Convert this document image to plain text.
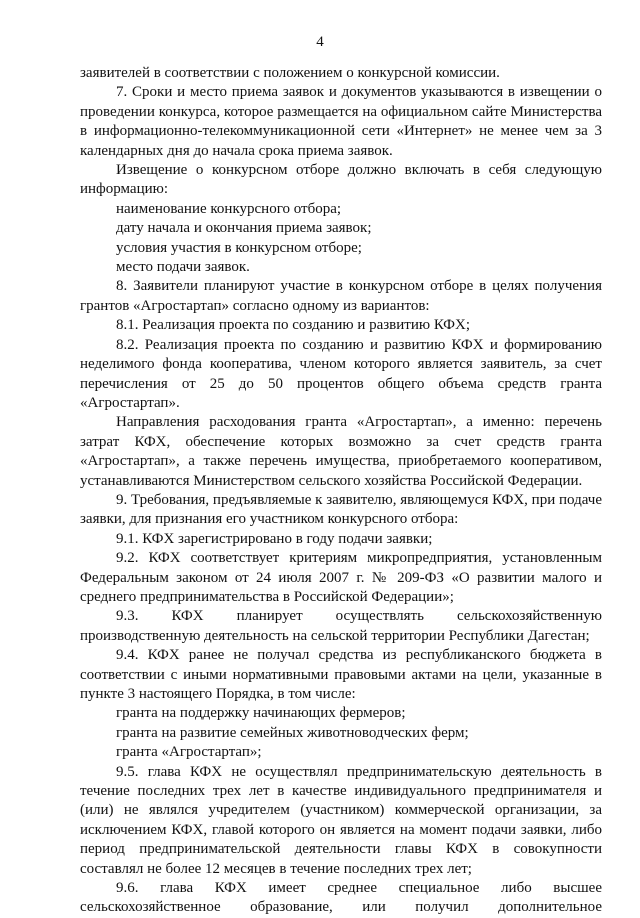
4

заявителей в соответствии с положением о конкурсной комиссии.

7. Сроки и место приема заявок и документов указываются в извещении о проведении конкурса, которое размещается на официальном сайте Министерства в информационно-телекоммуникационной сети «Интернет» не менее чем за 3 календарных дня до начала срока приема заявок.

Извещение о конкурсном отборе должно включать в себя следующую информацию:

наименование конкурсного отбора;

дату начала и окончания приема заявок;

условия участия в конкурсном отборе;

место подачи заявок.

8. Заявители планируют участие в конкурсном отборе в целях получения грантов «Агростартап» согласно одному из вариантов:

8.1. Реализация проекта по созданию и развитию КФХ;

8.2. Реализация проекта по созданию и развитию КФХ и формированию неделимого фонда кооператива, членом которого является заявитель, за счет перечисления от 25 до 50 процентов общего объема средств гранта «Агростартап».

Направления расходования гранта «Агростартап», а именно: перечень затрат КФХ, обеспечение которых возможно за счет средств гранта «Агростартап», а также перечень имущества, приобретаемого кооперативом, устанавливаются Министерством сельского хозяйства Российской Федерации.

9. Требования, предъявляемые к заявителю, являющемуся КФХ, при подаче заявки, для признания его участником конкурсного отбора:

9.1. КФХ зарегистрировано в году подачи заявки;

9.2. КФХ соответствует критериям микропредприятия, установленным Федеральным законом от 24 июля 2007 г. № 209-ФЗ «О развитии малого и среднего предпринимательства в Российской Федерации»;

9.3. КФХ планирует осуществлять сельскохозяйственную производственную деятельность на сельской территории Республики Дагестан;

9.4. КФХ ранее не получал средства из республиканского бюджета в соответствии с иными нормативными правовыми актами на цели, указанные в пункте 3 настоящего Порядка, в том числе:

гранта на поддержку начинающих фермеров;

гранта на развитие семейных животноводческих ферм;

гранта «Агростартап»;

9.5. глава КФХ не осуществлял предпринимательскую деятельность в течение последних трех лет в качестве индивидуального предпринимателя и (или) не являлся учредителем (участником) коммерческой организации, за исключением КФХ, главой которого он является на момент подачи заявки, либо период предпринимательской деятельности главы КФХ в совокупности составлял не более 12 месяцев в течение последних трех лет;

9.6. глава КФХ имеет среднее специальное либо высшее сельскохозяйственное образование, или получил дополнительное
